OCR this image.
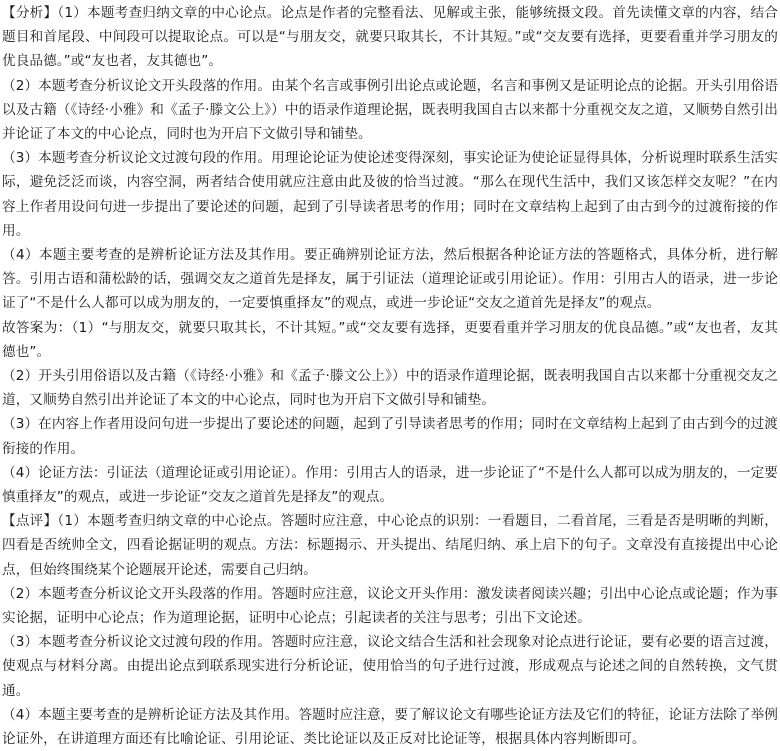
【分析】（1）本题考查归纳文章的中心论点。论点是作者的完整看法、见解或主张，能够统摄文段。首先读懂文章的内容，结合题目和首尾段、中间段可以提取论点。可以是“与朋友交，就要只取其长，不计其短。”或“交友要有选择，更要看重并学习朋友的优良品德。”或“友也者，友其德也”。

（2）本题考查分析议论文开头段落的作用。由某个名言或事例引出论点或论题，名言和事例又是证明论点的论据。开头引用俗语以及古籍（《诗经·小雅》和《孟子·滕文公上》）中的语录作道理论据，既表明我国自古以来都十分重视交友之道，又顺势自然引出并论证了本文的中心论点，同时也为开启下文做引导和铺垫。

（3）本题考查分析议论文过渡句段的作用。用理论论证为使论述变得深刻，事实论证为使论证显得具体，分析说理时联系生活实际，避免泛泛而谈，内容空洞，两者结合使用就应注意由此及彼的恰当过渡。“那么在现代生活中，我们又该怎样交友呢？”在内容上作者用设问句进一步提出了要论述的问题，起到了引导读者思考的作用；同时在文章结构上起到了由古到今的过渡衔接的作用。

（4）本题主要考查的是辨析论证方法及其作用。要正确辨别论证方法，然后根据各种论证方法的答题格式，具体分析，进行解答。引用古语和蒲松龄的话，强调交友之道首先是择友，属于引证法（道理论证或引用论证）。作用：引用古人的语录，进一步论证了“不是什么人都可以成为朋友的，一定要慎重择友”的观点，或进一步论证“交友之道首先是择友”的观点。

故答案为：（1）“与朋友交，就要只取其长，不计其短。”或“交友要有选择，更要看重并学习朋友的优良品德。”或“友也者，友其德也”。

（2）开头引用俗语以及古籍（《诗经·小雅》和《孟子·滕文公上》）中的语录作道理论据，既表明我国自古以来都十分重视交友之道，又顺势自然引出并论证了本文的中心论点，同时也为开启下文做引导和铺垫。

（3）在内容上作者用设问句进一步提出了要论述的问题，起到了引导读者思考的作用；同时在文章结构上起到了由古到今的过渡衔接的作用。

（4）论证方法：引证法（道理论证或引用论证）。作用：引用古人的语录，进一步论证了“不是什么人都可以成为朋友的，一定要慎重择友”的观点，或进一步论证“交友之道首先是择友”的观点。

【点评】（1）本题考查归纳文章的中心论点。答题时应注意，中心论点的识别：一看题目，二看首尾，三看是否是明晰的判断，四看是否统帅全文，四看论据证明的观点。方法：标题揭示、开头提出、结尾归纳、承上启下的句子。文章没有直接提出中心论点，但始终围绕某个论题展开论述，需要自己归纳。

（2）本题考查分析议论文开头段落的作用。答题时应注意，议论文开头作用：激发读者阅读兴趣；引出中心论点或论题；作为事实论据，证明中心论点；作为道理论据，证明中心论点；引起读者的关注与思考；引出下文论述。

（3）本题考查分析议论文过渡句段的作用。答题时应注意，议论文结合生活和社会现象对论点进行论证，要有必要的语言过渡，使观点与材料分离。由提出论点到联系现实进行分析论证，使用恰当的句子进行过渡，形成观点与论述之间的自然转换，文气贯通。

（4）本题主要考查的是辨析论证方法及其作用。答题时应注意，要了解议论文有哪些论证方法及它们的特征，论证方法除了举例论证外，在讲道理方面还有比喻论证、引用论证、类比论证以及正反对比论证等，根据具体内容判断即可。
